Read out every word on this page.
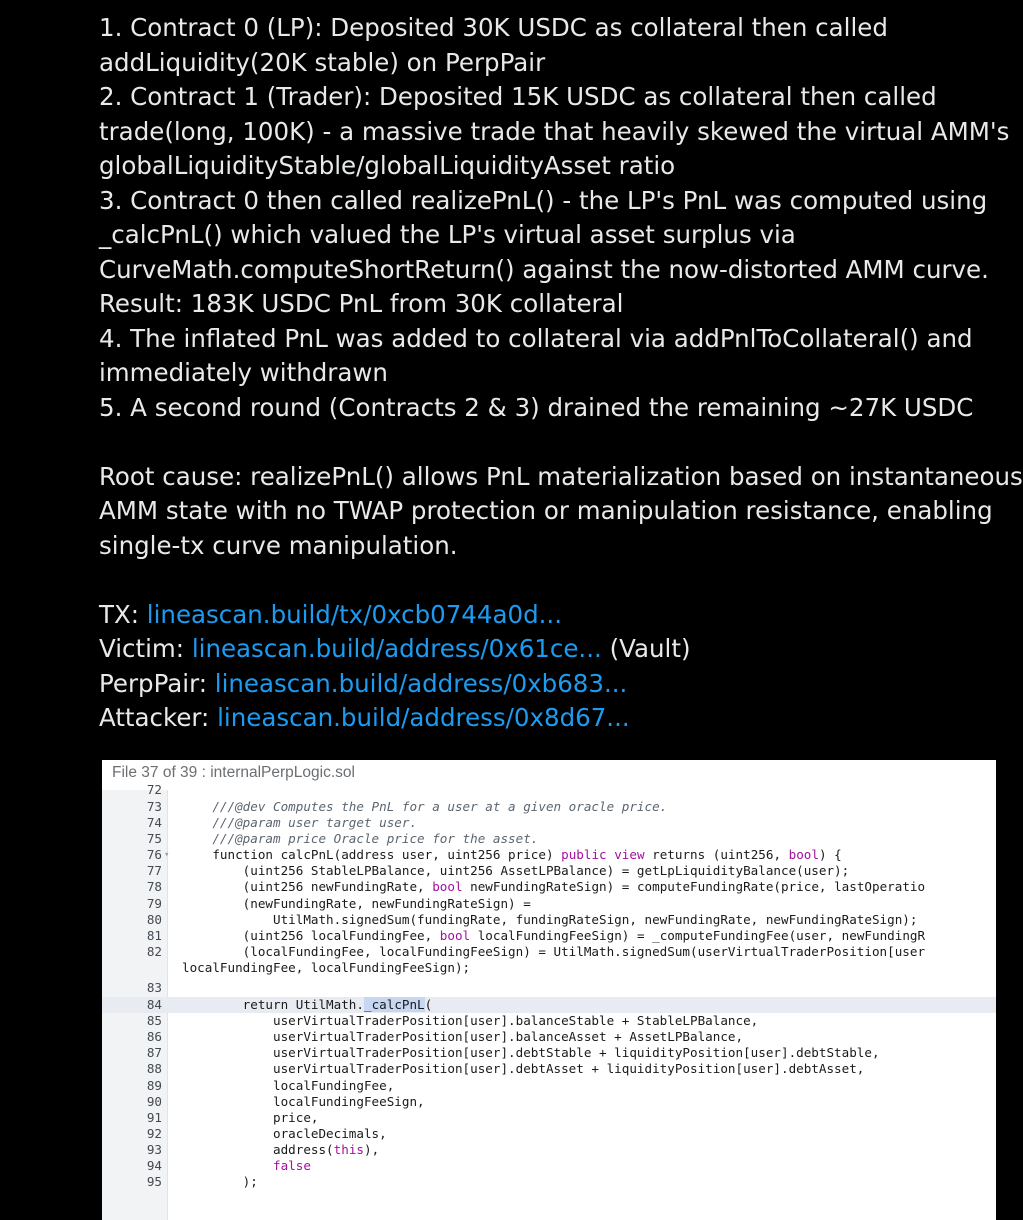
1. Contract 0 (LP): Deposited 30K USDC as collateral then called
addLiquidity(20K stable) on PerpPair
2. Contract 1 (Trader): Deposited 15K USDC as collateral then called
trade(long, 100K) - a massive trade that heavily skewed the virtual AMM's
globalLiquidityStable/globalLiquidityAsset ratio
3. Contract 0 then called realizePnL() - the LP's PnL was computed using
_calcPnL() which valued the LP's virtual asset surplus via
CurveMath.computeShortReturn() against the now-distorted AMM curve.
Result: 183K USDC PnL from 30K collateral
4. The inflated PnL was added to collateral via addPnlToCollateral() and
immediately withdrawn
5. A second round (Contracts 2 & 3) drained the remaining ~27K USDC
Root cause: realizePnL() allows PnL materialization based on instantaneous
AMM state with no TWAP protection or manipulation resistance, enabling
single-tx curve manipulation.
TX: lineascan.build/tx/0xcb0744a0d...
Victim: lineascan.build/address/0x61ce... (Vault)
PerpPair: lineascan.build/address/0xb683...
Attacker: lineascan.build/address/0x8d67...
File 37 of 39 : internalPerpLogic.sol

72

73 ///@dev Computes the PnL for a user at a given oracle price.
74 ///@param user target user.
75 ///@param price Oracle price for the asset.
76 ▾ function calcPnL(address user, uint256 price) public view returns (uint256, bool) {
77 (uint256 StableLPBalance, uint256 AssetLPBalance) = getLpLiquidityBalance(user);
78 (uint256 newFundingRate, bool newFundingRateSign) = computeFundingRate(price, lastOperatio
79 (newFundingRate, newFundingRateSign) =
80 UtilMath.signedSum(fundingRate, fundingRateSign, newFundingRate, newFundingRateSign);
81 (uint256 localFundingFee, bool localFundingFeeSign) = _computeFundingFee(user, newFundingR
82 (localFundingFee, localFundingFeeSign) = UtilMath.signedSum(userVirtualTraderPosition[user
localFundingFee, localFundingFeeSign);
83
84 return UtilMath._calcPnL(
85 userVirtualTraderPosition[user].balanceStable + StableLPBalance,
86 userVirtualTraderPosition[user].balanceAsset + AssetLPBalance,
87 userVirtualTraderPosition[user].debtStable + liquidityPosition[user].debtStable,
88 userVirtualTraderPosition[user].debtAsset + liquidityPosition[user].debtAsset,
89 localFundingFee,
90 localFundingFeeSign,
91 price,
92 oracleDecimals,
93 address(this),
94	false
95 );
